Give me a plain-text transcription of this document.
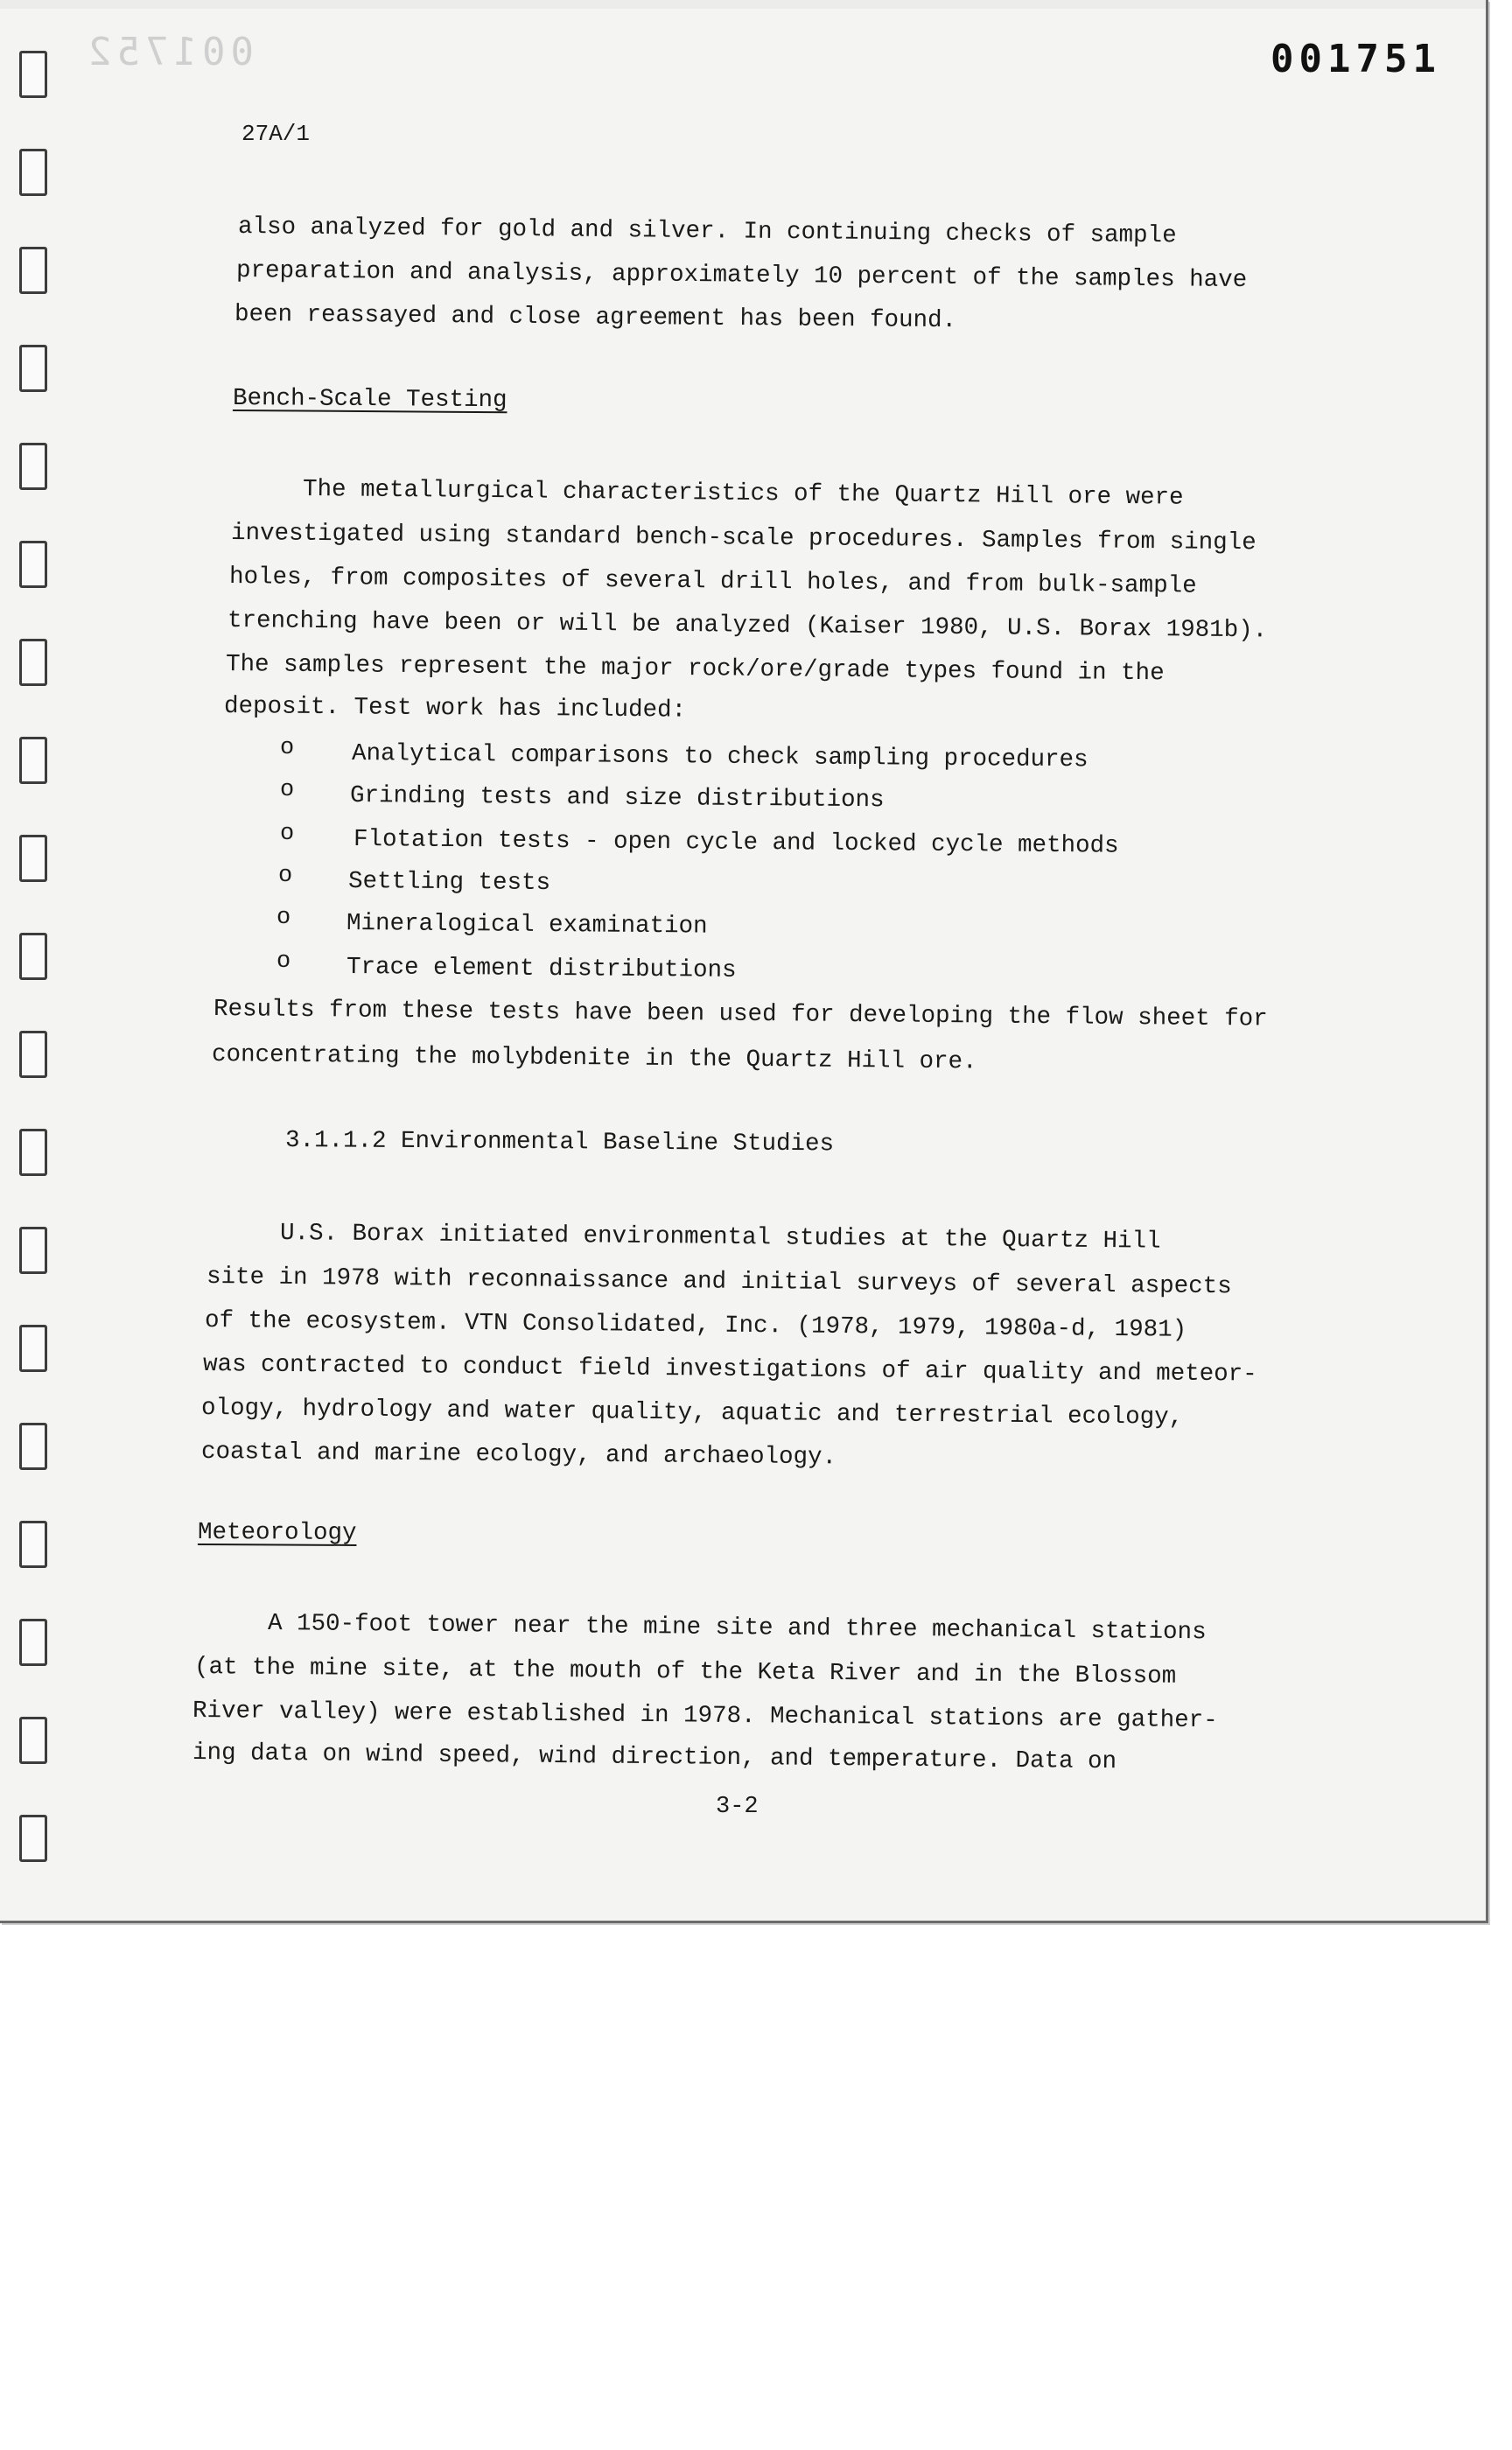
001752	001751
27A/1
also analyzed for gold and silver. In continuing checks of sample
preparation and analysis, approximately 10 percent of the samples have
been reassayed and close agreement has been found.
Bench-Scale Testing
The metallurgical characteristics of the Quartz Hill ore were
investigated using standard bench-scale procedures. Samples from single
holes, from composites of several drill holes, and from bulk-sample
trenching have been or will be analyzed (Kaiser 1980, U.S. Borax 1981b).
The samples represent the major rock/ore/grade types found in the
deposit. Test work has included:
o Analytical comparisons to check sampling procedures
o Grinding tests and size distributions
o Flotation tests - open cycle and locked cycle methods
o Settling tests
o Mineralogical examination
o Trace element distributions
Results from these tests have been used for developing the flow sheet for
concentrating the molybdenite in the Quartz Hill ore.
3.1.1.2 Environmental Baseline Studies
U.S. Borax initiated environmental studies at the Quartz Hill
site in 1978 with reconnaissance and initial surveys of several aspects
of the ecosystem. VTN Consolidated, Inc. (1978, 1979, 1980a-d, 1981)
was contracted to conduct field investigations of air quality and meteor-
ology, hydrology and water quality, aquatic and terrestrial ecology,
coastal and marine ecology, and archaeology.
Meteorology
A 150-foot tower near the mine site and three mechanical stations
(at the mine site, at the mouth of the Keta River and in the Blossom
River valley) were established in 1978. Mechanical stations are gather-
ing data on wind speed, wind direction, and temperature. Data on
3-2
